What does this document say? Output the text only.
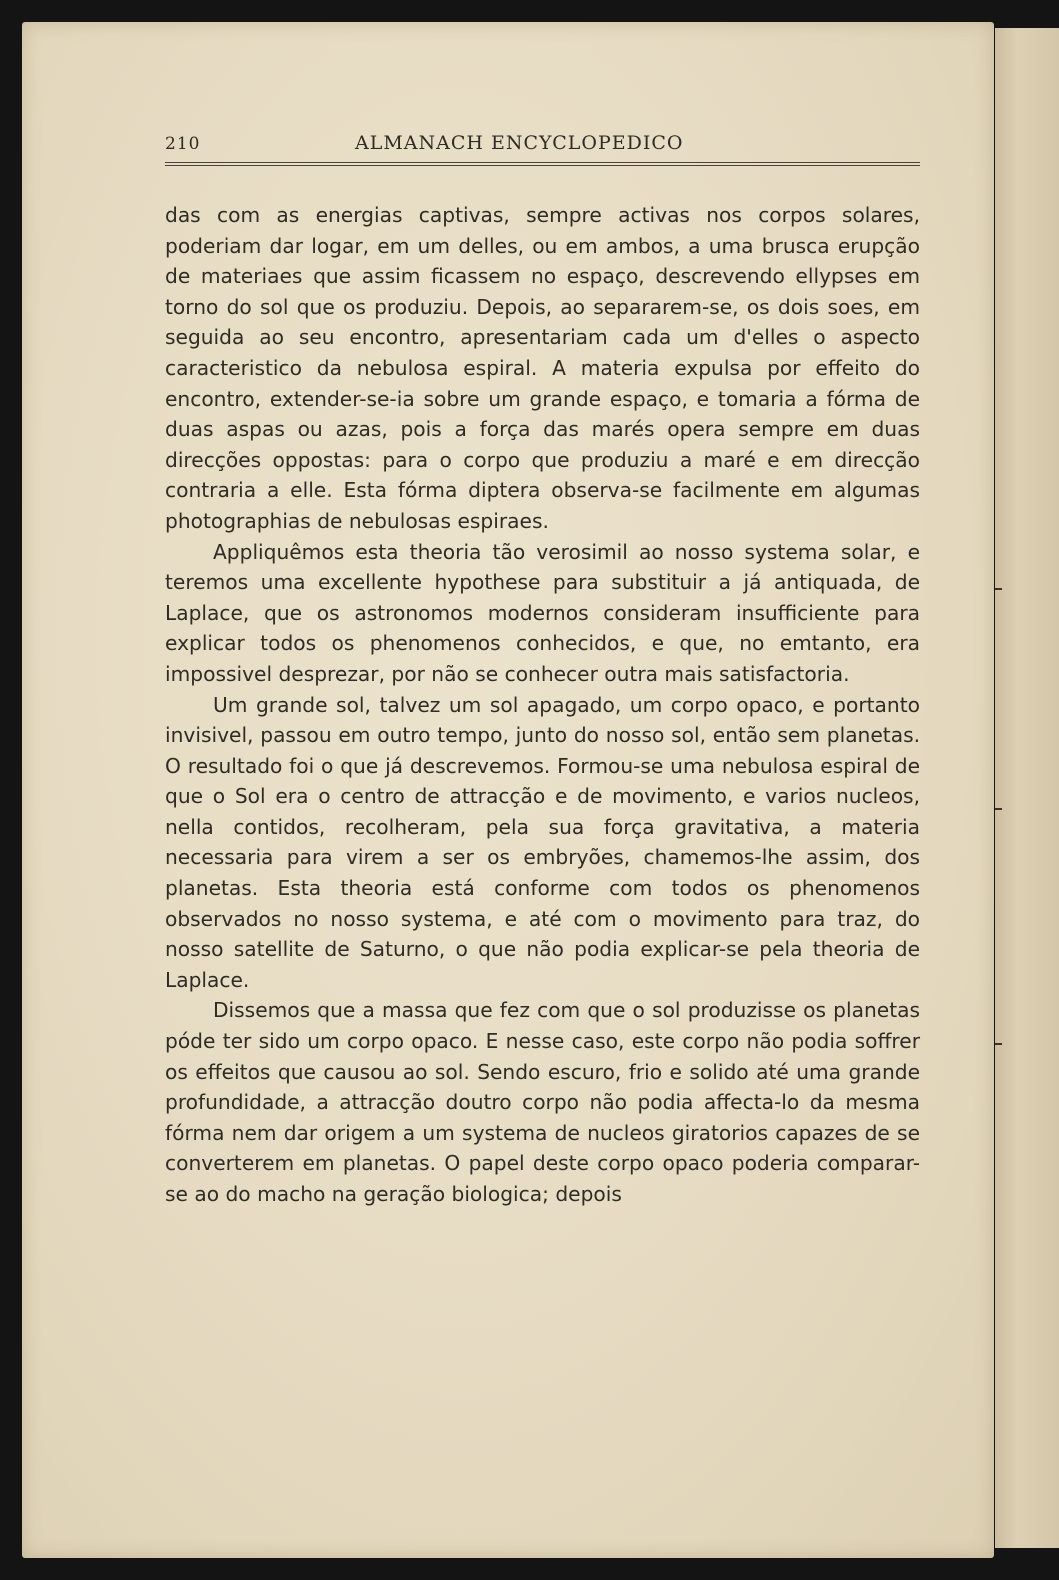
210	ALMANACH ENCYCLOPEDICO

das com as energias captivas, sempre activas nos corpos solares, poderiam dar logar, em um delles, ou em ambos, a uma brusca erupção de materiaes que assim ficassem no espaço, descrevendo ellypses em torno do sol que os produziu. Depois, ao separarem-se, os dois soes, em seguida ao seu encontro, apresentariam cada um d'elles o aspecto caracteristico da nebulosa espiral. A materia expulsa por effeito do encontro, extender-se-ia sobre um grande espaço, e tomaria a fórma de duas aspas ou azas, pois a força das marés opera sempre em duas direcções oppostas: para o corpo que produziu a maré e em direcção contraria a elle. Esta fórma diptera observa-se facilmente em algumas photographias de nebulosas espiraes.

Appliquêmos esta theoria tão verosimil ao nosso systema solar, e teremos uma excellente hypothese para substituir a já antiquada, de Laplace, que os astronomos modernos consideram insufficiente para explicar todos os phenomenos conhecidos, e que, no emtanto, era impossivel desprezar, por não se conhecer outra mais satisfactoria.

Um grande sol, talvez um sol apagado, um corpo opaco, e portanto invisivel, passou em outro tempo, junto do nosso sol, então sem planetas. O resultado foi o que já descrevemos. Formou-se uma nebulosa espiral de que o Sol era o centro de attracção e de movimento, e varios nucleos, nella contidos, recolheram, pela sua força gravitativa, a materia necessaria para virem a ser os embryões, chamemos-lhe assim, dos planetas. Esta theoria está conforme com todos os phenomenos observados no nosso systema, e até com o movimento para traz, do nosso satellite de Saturno, o que não podia explicar-se pela theoria de Laplace.

Dissemos que a massa que fez com que o sol produzisse os planetas póde ter sido um corpo opaco. E nesse caso, este corpo não podia soffrer os effeitos que causou ao sol. Sendo escuro, frio e solido até uma grande profundidade, a attracção doutro corpo não podia affecta-lo da mesma fórma nem dar origem a um systema de nucleos giratorios capazes de se converterem em planetas. O papel deste corpo opaco poderia comparar-se ao do macho na geração biologica; depois
